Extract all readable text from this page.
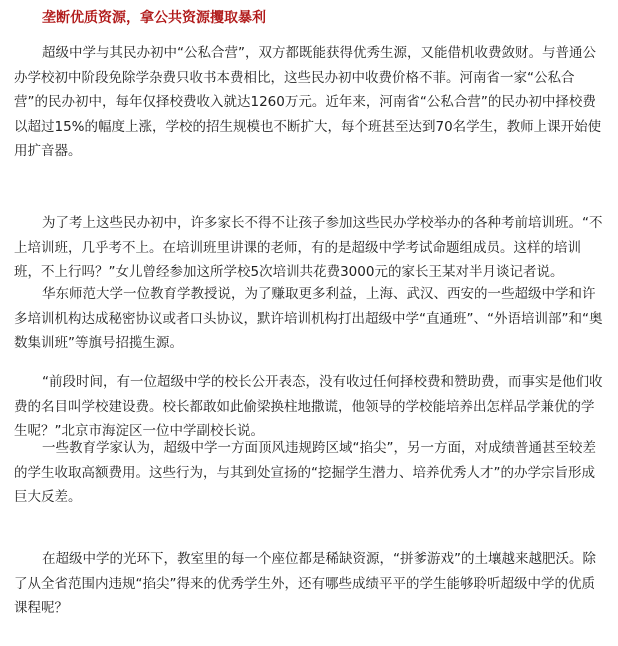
垄断优质资源，拿公共资源攫取暴利

超级中学与其民办初中“公私合营”，双方都既能获得优秀生源，又能借机收费敛财。与普通公办学校初中阶段免除学杂费只收书本费相比，这些民办初中收费价格不菲。河南省一家“公私合营”的民办初中，每年仅择校费收入就达1260万元。近年来，河南省“公私合营”的民办初中择校费以超过15%的幅度上涨，学校的招生规模也不断扩大，每个班甚至达到70名学生，教师上课开始使用扩音器。

为了考上这些民办初中，许多家长不得不让孩子参加这些民办学校举办的各种考前培训班。“不上培训班，几乎考不上。在培训班里讲课的老师，有的是超级中学考试命题组成员。这样的培训班，不上行吗？”女儿曾经参加这所学校5次培训共花费3000元的家长王某对半月谈记者说。

华东师范大学一位教育学教授说，为了赚取更多利益，上海、武汉、西安的一些超级中学和许多培训机构达成秘密协议或者口头协议，默许培训机构打出超级中学“直通班”、“外语培训部”和“奥数集训班”等旗号招揽生源。

“前段时间，有一位超级中学的校长公开表态，没有收过任何择校费和赞助费，而事实是他们收费的名目叫学校建设费。校长都敢如此偷梁换柱地撒谎，他领导的学校能培养出怎样品学兼优的学生呢？”北京市海淀区一位中学副校长说。

一些教育学家认为，超级中学一方面顶风违规跨区域“掐尖”，另一方面，对成绩普通甚至较差的学生收取高额费用。这些行为，与其到处宣扬的“挖掘学生潜力、培养优秀人才”的办学宗旨形成巨大反差。

在超级中学的光环下，教室里的每一个座位都是稀缺资源，“拼爹游戏”的土壤越来越肥沃。除了从全省范围内违规“掐尖”得来的优秀学生外，还有哪些成绩平平的学生能够聆听超级中学的优质课程呢？
